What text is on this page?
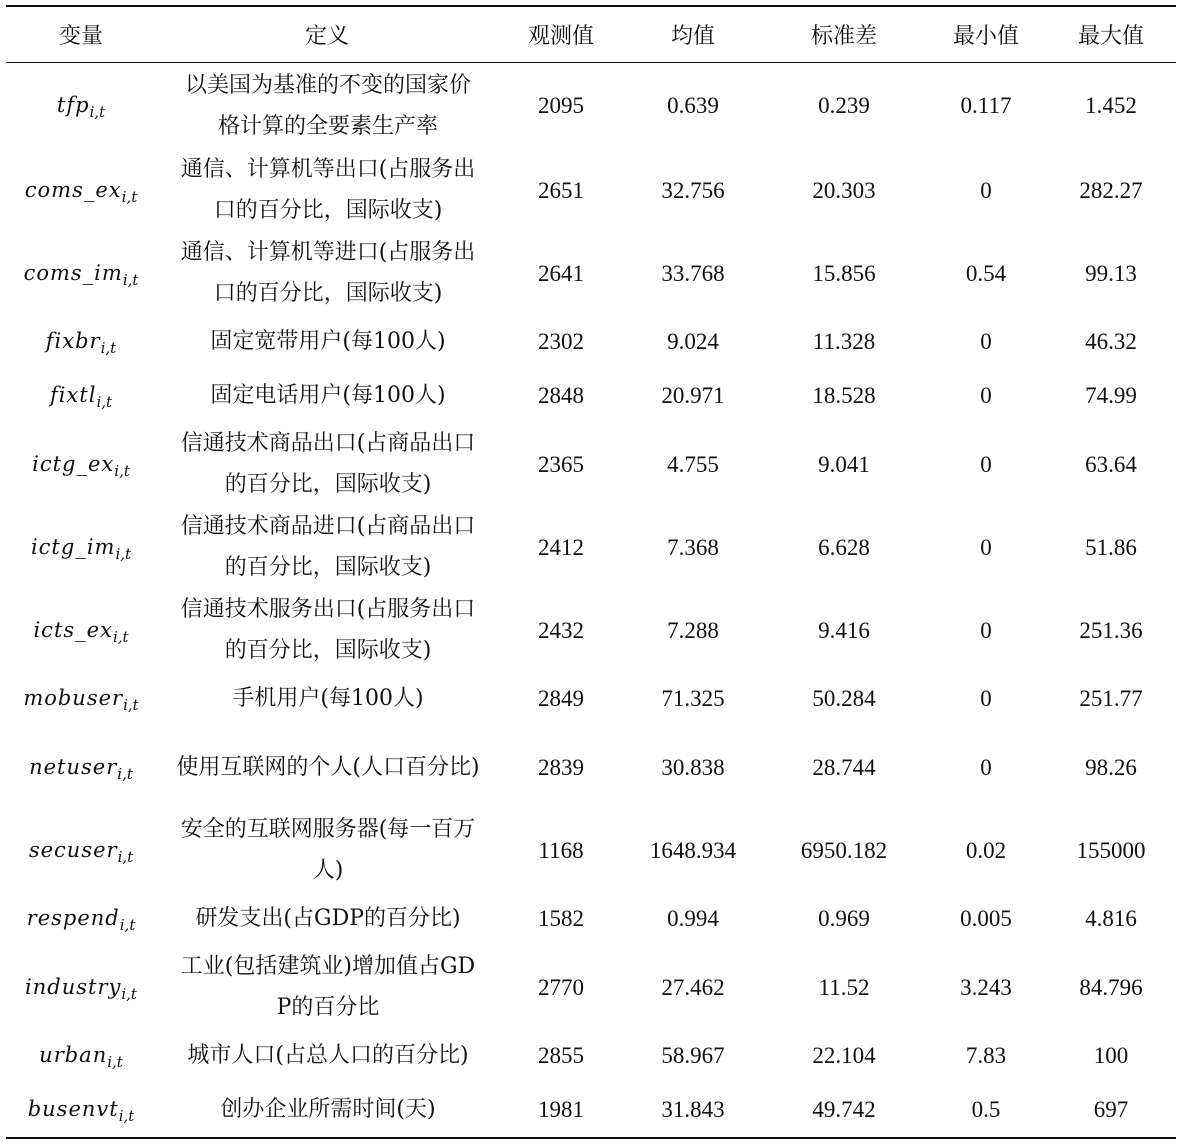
变量	定义	观测值	均值	标准差	最小值	最大值
tfp$_{i,t}$	以美国为基准的不变的国家价格计算的全要素生产率	2095	0.639	0.239	0.117	1.452
$coms\_ex_{i,t}$	通信、计算机等出口(占服务出口的百分比，国际收支)	2651	32.756	20.303	0	282.27
$coms\_im_{i,t}$	通信、计算机等进口(占服务出口的百分比，国际收支)	2641	33.768	15.856	0.54	99.13
fixbr$_{i,t}$	固定宽带用户(每100人)	2302	9.024	11.328	0	46.32
fixtl$_{i,t}$	固定电话用户(每100人)	2848	20.971	18.528	0	74.99
$ictg\_ex_{i,t}$	信通技术商品出口(占商品出口的百分比，国际收支)	2365	4.755	9.041	0	63.64
$ictg\_im_{i,t}$	信通技术商品进口(占商品出口的百分比，国际收支)	2412	7.368	6.628	0	51.86
$icts\_ex_{i,t}$	信通技术服务出口(占服务出口的百分比，国际收支)	2432	7.288	9.416	0	251.36
mobuser$_{i,t}$	手机用户(每100人)	2849	71.325	50.284	0	251.77
netuser$_{i,t}$	使用互联网的个人(人口百分比)	2839	30.838	28.744	0	98.26
secuser$_{i,t}$	安全的互联网服务器(每一百万人)	1168	1648.934	6950.182	0.02	155000
respend$_{i,t}$	研发支出(占GDP的百分比)	1582	0.994	0.969	0.005	4.816
industry$_{i,t}$	工业(包括建筑业)增加值占GDP的百分比	2770	27.462	11.52	3.243	84.796
urban$_{i,t}$	城市人口(占总人口的百分比)	2855	58.967	22.104	7.83	100
busenvt$_{i,t}$	创办企业所需时间(天)	1981	31.843	49.742	0.5	697
